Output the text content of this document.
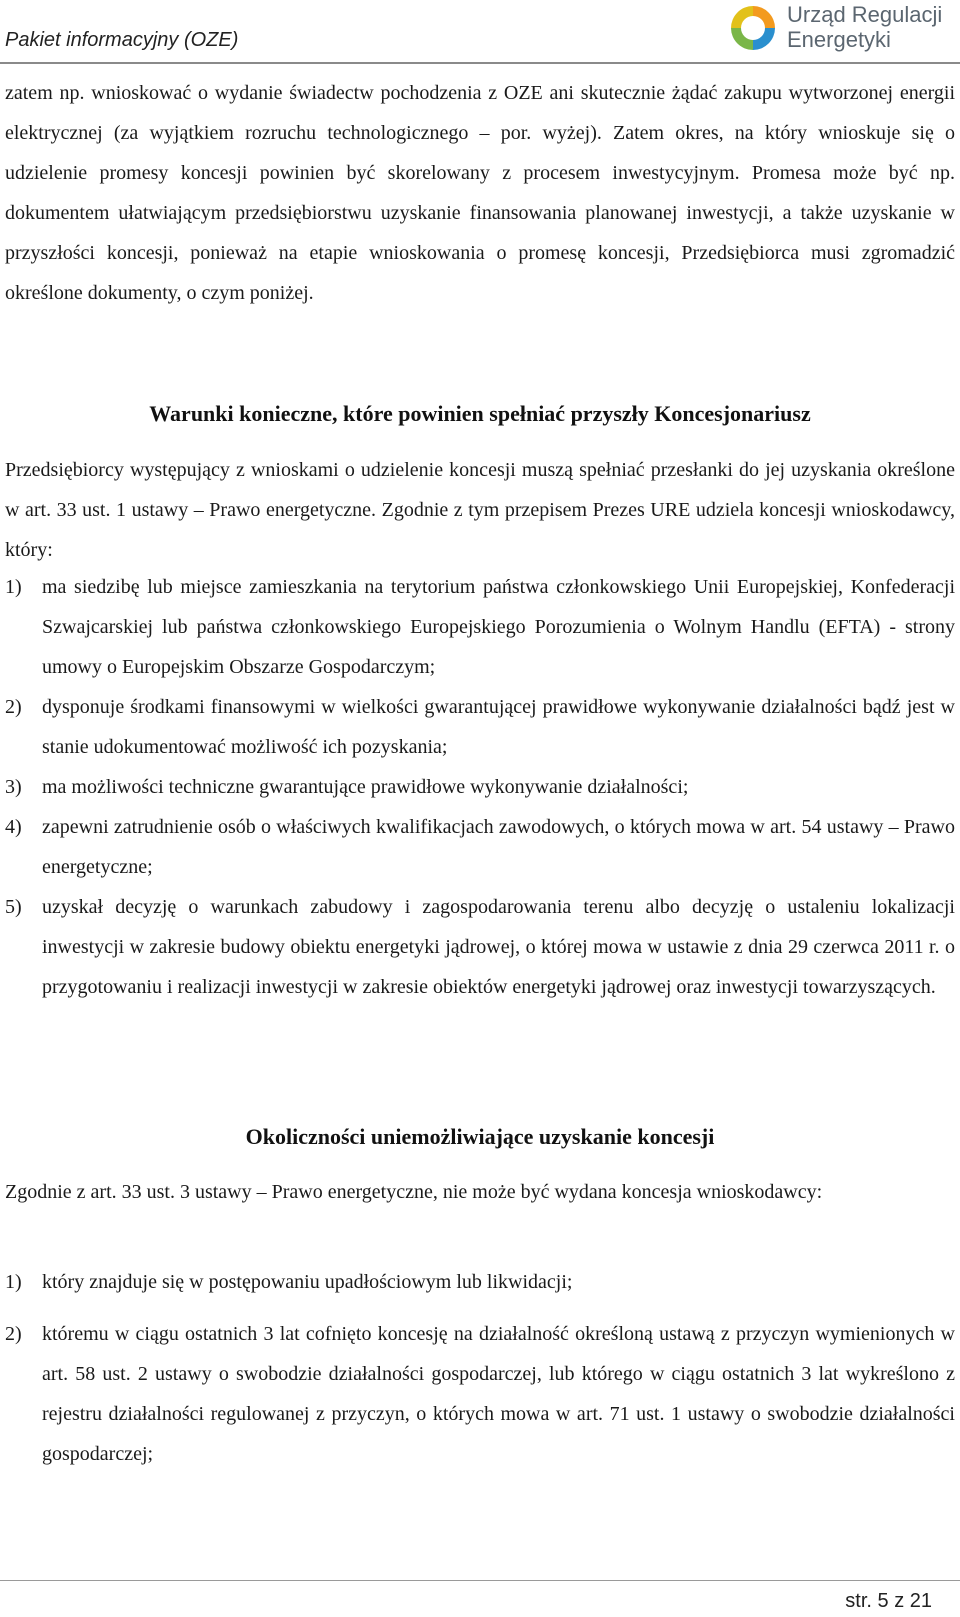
Pakiet informacyjny (OZE)
Urząd Regulacji
Energetyki

zatem np. wnioskować o wydanie świadectw pochodzenia z OZE ani skutecznie żądać zakupu wytworzonej energii elektrycznej (za wyjątkiem rozruchu technologicznego – por. wyżej). Zatem okres, na który wnioskuje się o udzielenie promesy koncesji powinien być skorelowany z procesem inwestycyjnym. Promesa może być np. dokumentem ułatwiającym przedsiębiorstwu uzyskanie finansowania planowanej inwestycji, a także uzyskanie w przyszłości koncesji, ponieważ na etapie wnioskowania o promesę koncesji, Przedsiębiorca musi zgromadzić określone dokumenty, o czym poniżej.

Warunki konieczne, które powinien spełniać przyszły Koncesjonariusz

Przedsiębiorcy występujący z wnioskami o udzielenie koncesji muszą spełniać przesłanki do jej uzyskania określone w art. 33 ust. 1 ustawy – Prawo energetyczne. Zgodnie z tym przepisem Prezes URE udziela koncesji wnioskodawcy, który:

1) ma siedzibę lub miejsce zamieszkania na terytorium państwa członkowskiego Unii Europejskiej, Konfederacji Szwajcarskiej lub państwa członkowskiego Europejskiego Porozumienia o Wolnym Handlu (EFTA) - strony umowy o Europejskim Obszarze Gospodarczym;
2) dysponuje środkami finansowymi w wielkości gwarantującej prawidłowe wykonywanie działalności bądź jest w stanie udokumentować możliwość ich pozyskania;
3) ma możliwości techniczne gwarantujące prawidłowe wykonywanie działalności;
4) zapewni zatrudnienie osób o właściwych kwalifikacjach zawodowych, o których mowa w art. 54 ustawy – Prawo energetyczne;
5) uzyskał decyzję o warunkach zabudowy i zagospodarowania terenu albo decyzję o ustaleniu lokalizacji inwestycji w zakresie budowy obiektu energetyki jądrowej, o której mowa w ustawie z dnia 29 czerwca 2011 r. o przygotowaniu i realizacji inwestycji w zakresie obiektów energetyki jądrowej oraz inwestycji towarzyszących.
Okoliczności uniemożliwiające uzyskanie koncesji

Zgodnie z art. 33 ust. 3 ustawy – Prawo energetyczne, nie może być wydana koncesja wnioskodawcy:

1) który znajduje się w postępowaniu upadłościowym lub likwidacji;
2) któremu w ciągu ostatnich 3 lat cofnięto koncesję na działalność określoną ustawą z przyczyn wymienionych w art. 58 ust. 2 ustawy o swobodzie działalności gospodarczej, lub którego w ciągu ostatnich 3 lat wykreślono z rejestru działalności regulowanej z przyczyn, o których mowa w art. 71 ust. 1 ustawy o swobodzie działalności gospodarczej;
str. 5 z 21
